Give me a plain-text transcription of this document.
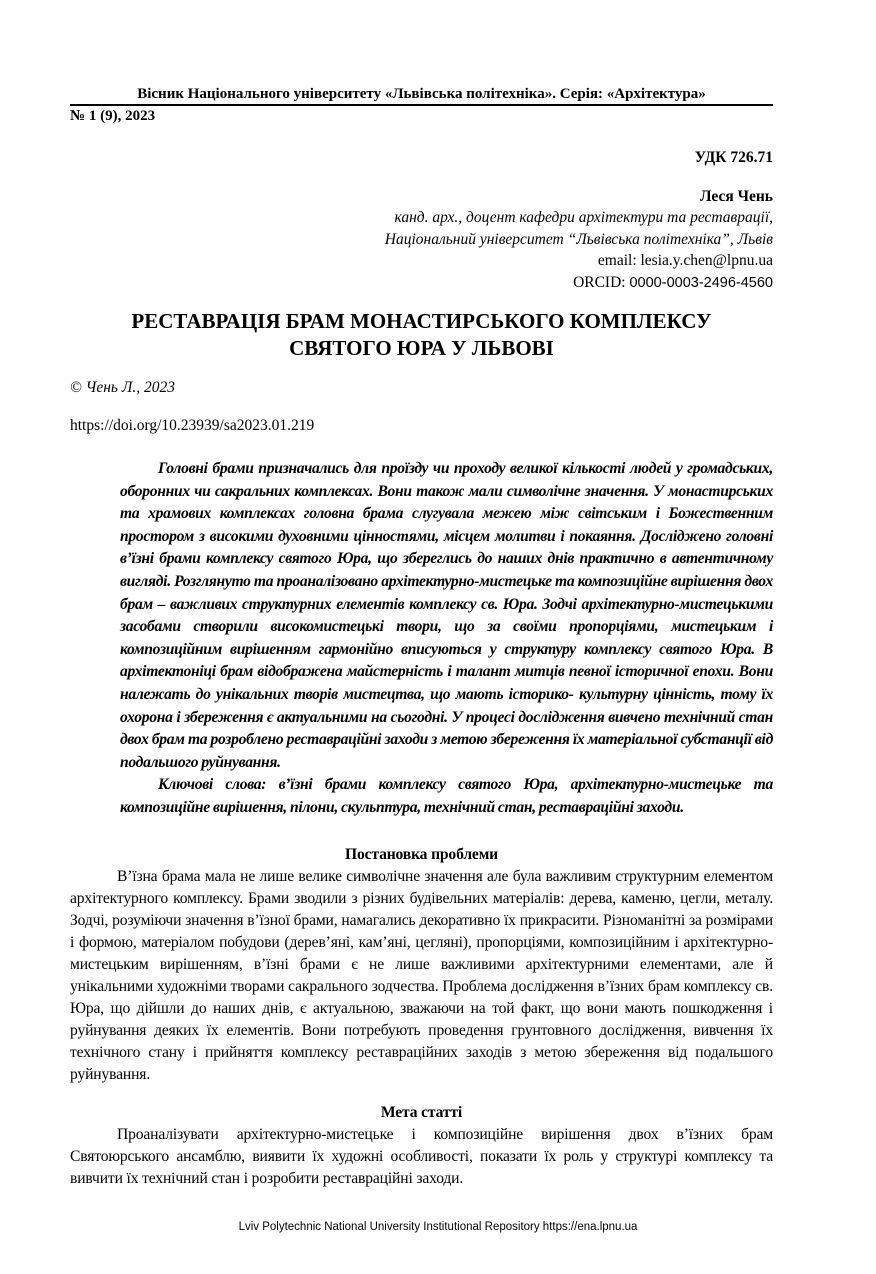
Вісник Національного університету «Львівська політехніка». Серія: «Архітектура»
№ 1 (9), 2023
УДК 726.71
Леся Чень
канд. арх., доцент кафедри архітектури та реставрації,
Національний університет “Львівська політехніка”, Львів
email: lesia.y.chen@lpnu.ua
ORCID: 0000-0003-2496-4560
РЕСТАВРАЦІЯ БРАМ МОНАСТИРСЬКОГО КОМПЛЕКСУ
СВЯТОГО ЮРА У ЛЬВОВІ
© Чень Л., 2023
https://doi.org/10.23939/sa2023.01.219

Головні брами призначались для проїзду чи проходу великої кількості людей у громадських, оборонних чи сакральних комплексах. Вони також мали символічне значення. У монастирських та храмових комплексах головна брама слугувала межею між світським і Божественним простором з високими духовними цінностями, місцем молитви і покаяння. Досліджено головні в’їзні брами комплексу святого Юра, що збереглись до наших днів практично в автентичному вигляді. Розглянуто та проаналізовано архітектурно-мистецьке та композиційне вирішення двох брам – важливих структурних елементів комплексу св. Юра. Зодчі архітектурно-мистецькими засобами створили високомистецькі твори, що за своїми пропорціями, мистецьким і композиційним вирішенням гармонійно вписуються у структуру комплексу святого Юра. В архітектоніці брам відображена майстерність і талант митців певної історичної епохи. Вони належать до унікальних творів мистецтва, що мають історико- культурну цінність, тому їх охорона і збереження є актуальними на сьогодні. У процесі дослідження вивчено технічний стан двох брам та розроблено реставраційні заходи з метою збереження їх матеріальної субстанції від подальшого руйнування.

Ключові слова: в’їзні брами комплексу святого Юра, архітектурно-мистецьке та композиційне вирішення, пілони, скульптура, технічний стан, реставраційні заходи.

Постановка проблеми

В’їзна брама мала не лише велике символічне значення але була важливим структурним елементом архітектурного комплексу. Брами зводили з різних будівельних матеріалів: дерева, каменю, цегли, металу. Зодчі, розуміючи значення в’їзної брами, намагались декоративно їх прикрасити. Різноманітні за розмірами і формою, матеріалом побудови (дерев’яні, кам’яні, цегляні), пропорціями, композиційним і архітектурно-мистецьким вирішенням, в’їзні брами є не лише важливими архітектурними елементами, але й унікальними художніми творами сакрального зодчества. Проблема дослідження в’їзних брам комплексу св. Юра, що дійшли до наших днів, є актуальною, зважаючи на той факт, що вони мають пошкодження і руйнування деяких їх елементів. Вони потребують проведення грунтовного дослідження, вивчення їх технічного стану і прийняття комплексу реставраційних заходів з метою збереження від подальшого руйнування.

Мета статті

Проаналізувати архітектурно-мистецьке і композиційне вирішення двох в’їзних брам Святоюрського ансамблю, виявити їх художні особливості, показати їх роль у структурі комплексу та вивчити їх технічний стан і розробити реставраційні заходи.

Lviv Polytechnic National University Institutional Repository https://ena.lpnu.ua
